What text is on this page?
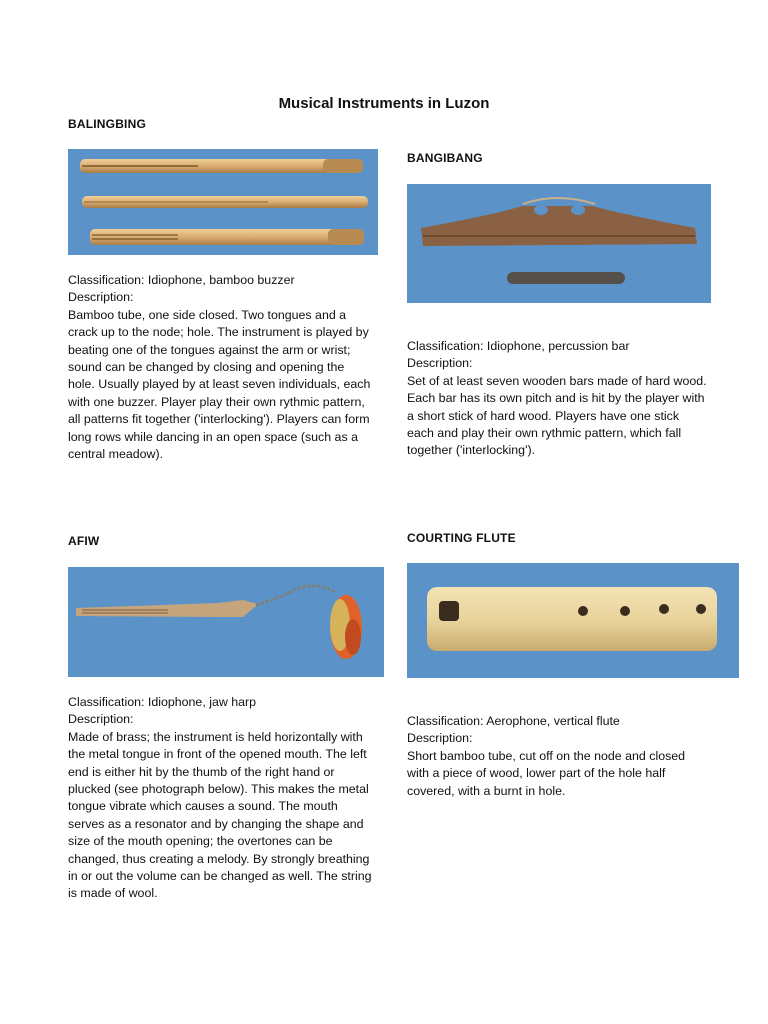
Musical Instruments in Luzon
BALINGBING

Classification: Idiophone, bamboo buzzer

Description:

Bamboo tube, one side closed. Two tongues and a crack up to the node; hole. The instrument is played by beating one of the tongues against the arm or wrist; sound can be changed by closing and opening the hole. Usually played by at least seven individuals, each with one buzzer. Player play their own rythmic pattern, all patterns fit together ('interlocking'). Players can form long rows while dancing in an open space (such as a central meadow).

BANGIBANG

Classification: Idiophone, percussion bar

Description:

Set of at least seven wooden bars made of hard wood. Each bar has its own pitch and is hit by the player with a short stick of hard wood. Players have one stick each and play their own rythmic pattern, which fall together ('interlocking').

AFIW

Classification: Idiophone, jaw harp

Description:

Made of brass; the instrument is held horizontally with the metal tongue in front of the opened mouth. The left end is either hit by the thumb of the right hand or plucked (see photograph below). This makes the metal tongue vibrate which causes a sound. The mouth serves as a resonator and by changing the shape and size of the mouth opening; the overtones can be changed, thus creating a melody. By strongly breathing in or out the volume can be changed as well. The string is made of wool.

COURTING FLUTE

Classification: Aerophone, vertical flute

Description:

Short bamboo tube, cut off on the node and closed with a piece of wood, lower part of the hole half covered, with a burnt in hole.
